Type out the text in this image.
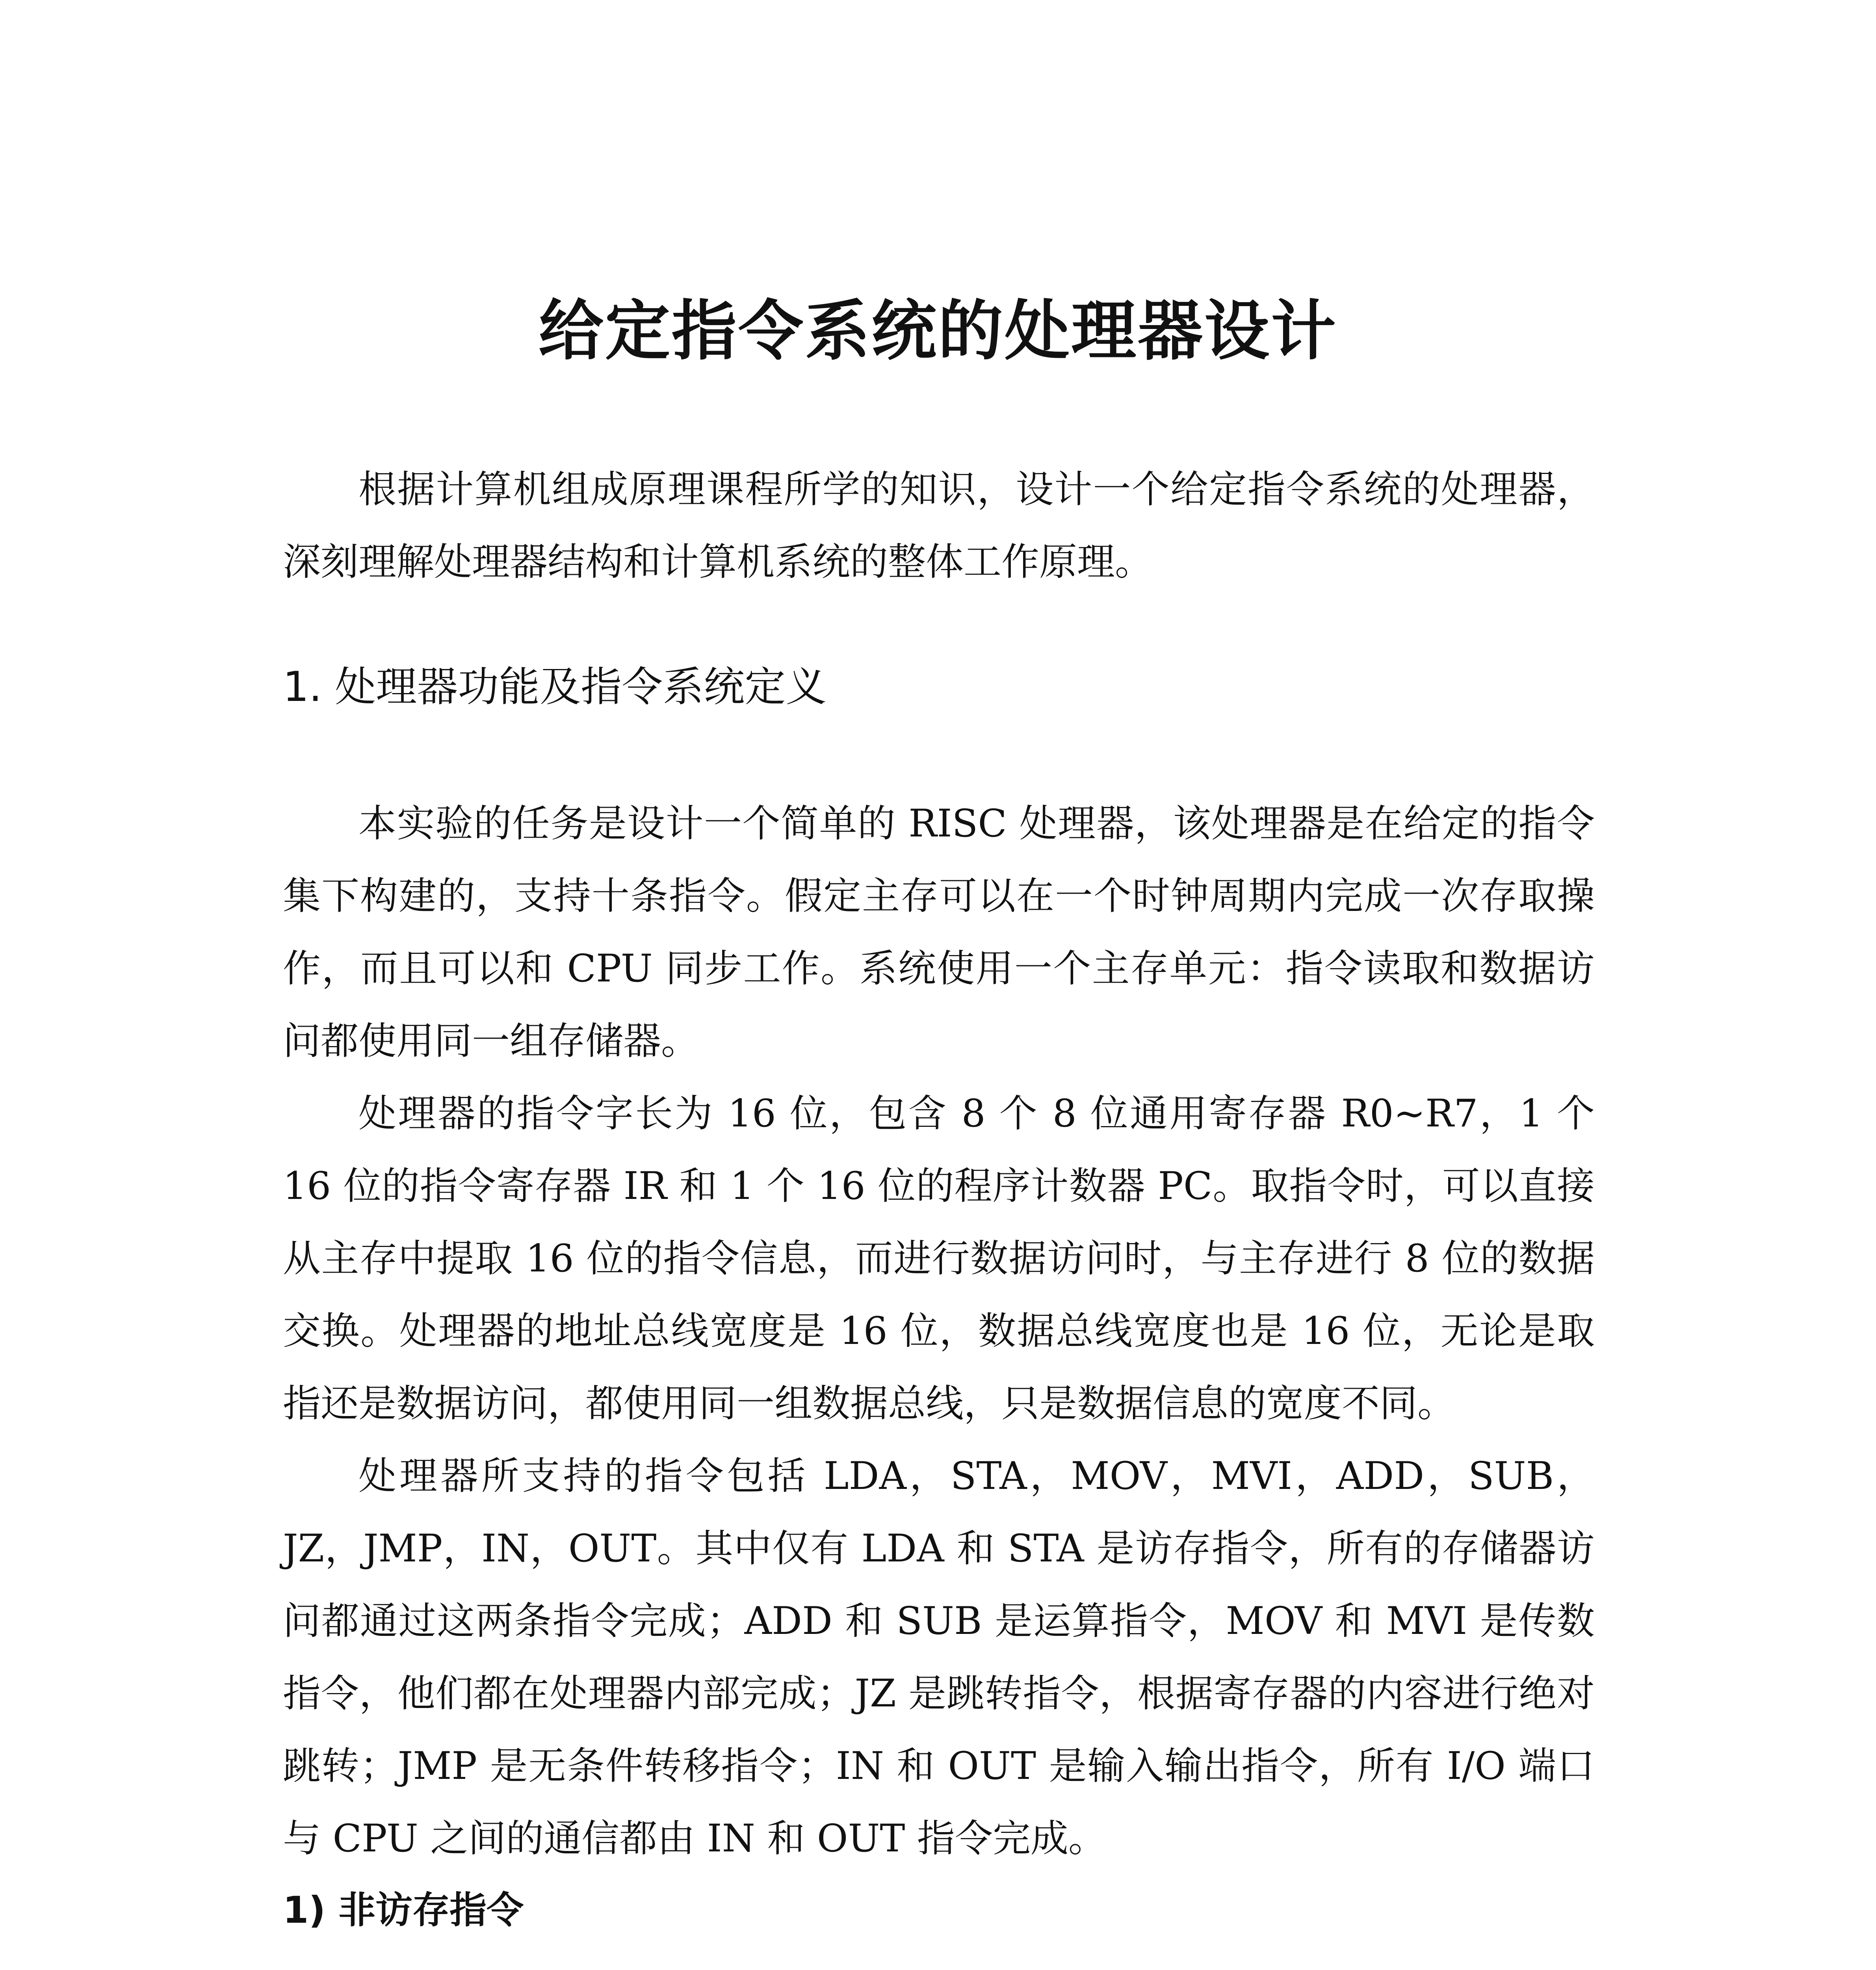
给定指令系统的处理器设计

根据计算机组成原理课程所学的知识，设计一个给定指令系统的处理器，深刻理解处理器结构和计算机系统的整体工作原理。

1. 处理器功能及指令系统定义

本实验的任务是设计一个简单的 RISC 处理器，该处理器是在给定的指令集下构建的，支持十条指令。假定主存可以在一个时钟周期内完成一次存取操作，而且可以和 CPU 同步工作。系统使用一个主存单元：指令读取和数据访问都使用同一组存储器。

处理器的指令字长为 16 位，包含 8 个 8 位通用寄存器 R0~R7，1 个 16 位的指令寄存器 IR 和 1 个 16 位的程序计数器 PC。取指令时，可以直接从主存中提取 16 位的指令信息，而进行数据访问时，与主存进行 8 位的数据交换。处理器的地址总线宽度是 16 位，数据总线宽度也是 16 位，无论是取指还是数据访问，都使用同一组数据总线，只是数据信息的宽度不同。

处理器所支持的指令包括 LDA，STA，MOV，MVI，ADD，SUB，JZ，JMP，IN，OUT。其中仅有 LDA 和 STA 是访存指令，所有的存储器访问都通过这两条指令完成；ADD 和 SUB 是运算指令，MOV 和 MVI 是传数指令，他们都在处理器内部完成；JZ 是跳转指令，根据寄存器的内容进行绝对跳转；JMP 是无条件转移指令；IN 和 OUT 是输入输出指令，所有 I/O 端口与 CPU 之间的通信都由 IN 和 OUT 指令完成。

1) 非访存指令
